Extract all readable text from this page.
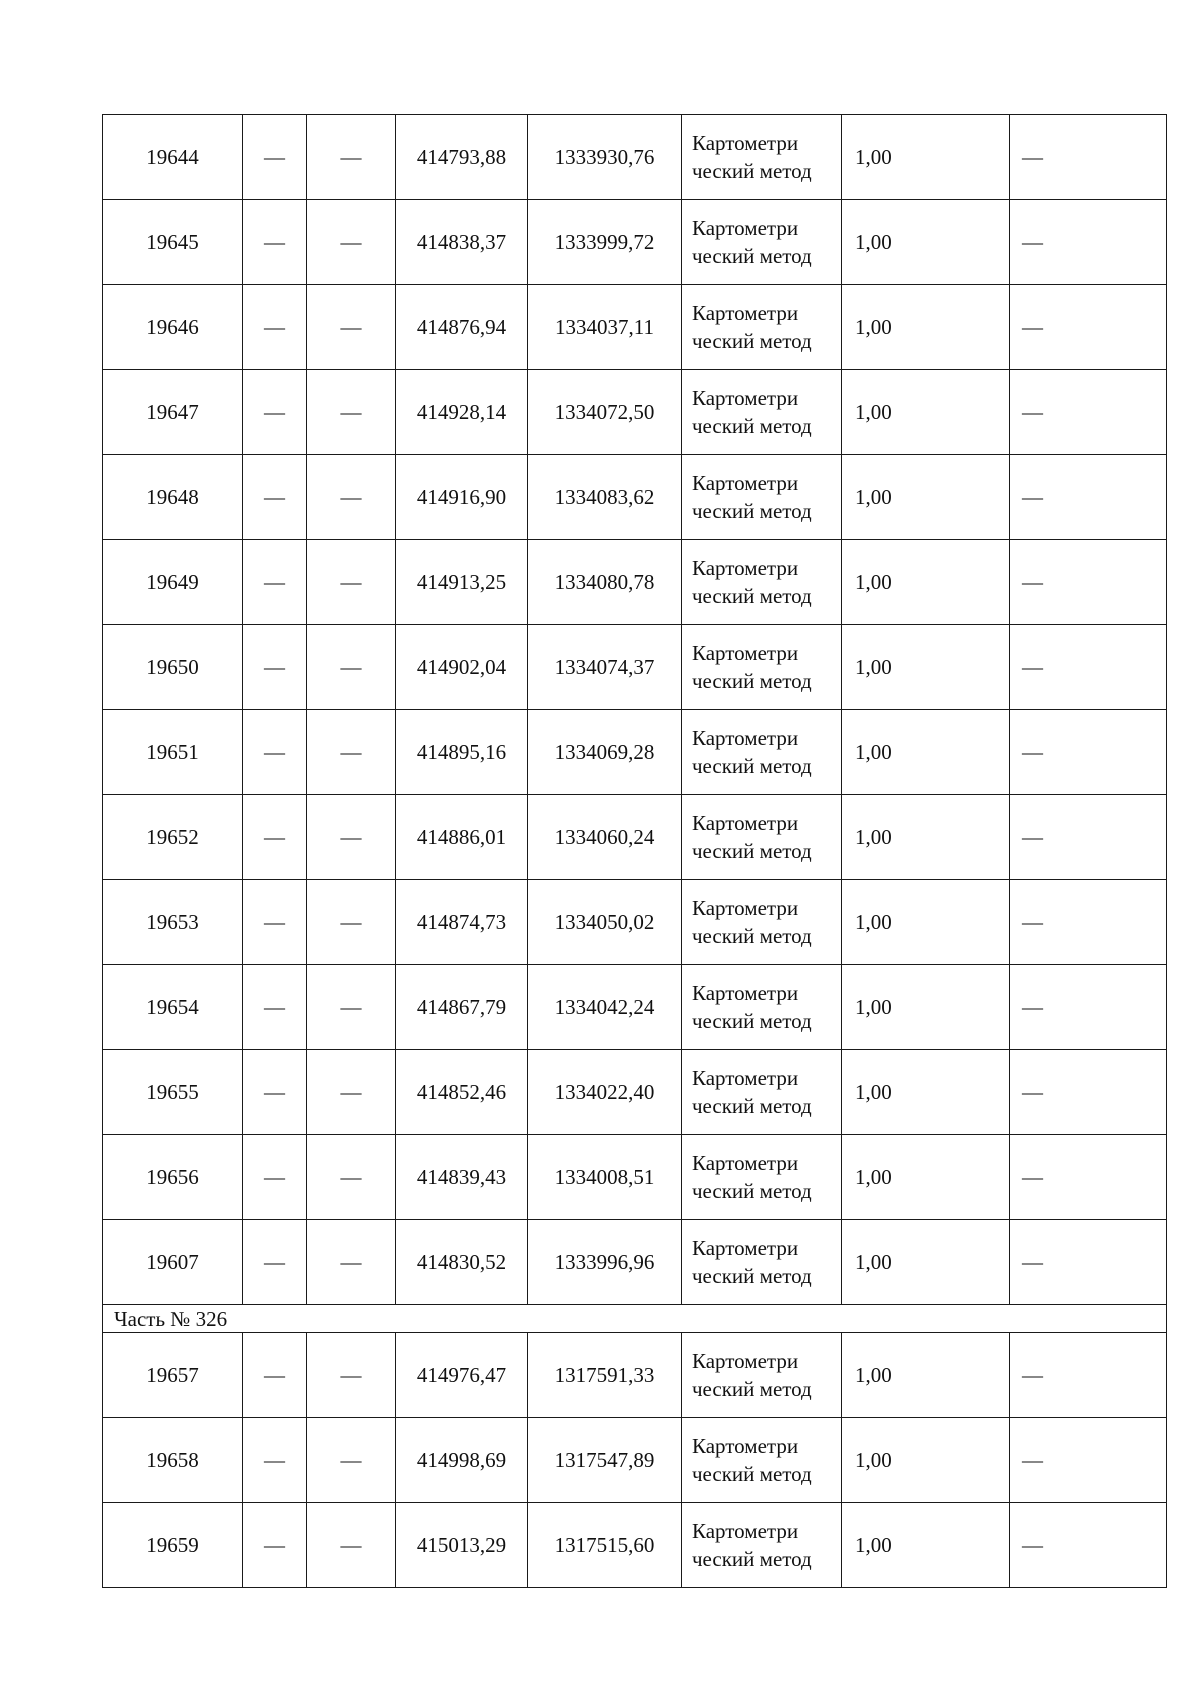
19644	—	—	414793,88	1333930,76	Картометри ческий метод	1,00	—
19645	—	—	414838,37	1333999,72	Картометри ческий метод	1,00	—
19646	—	—	414876,94	1334037,11	Картометри ческий метод	1,00	—
19647	—	—	414928,14	1334072,50	Картометри ческий метод	1,00	—
19648	—	—	414916,90	1334083,62	Картометри ческий метод	1,00	—
19649	—	—	414913,25	1334080,78	Картометри ческий метод	1,00	—
19650	—	—	414902,04	1334074,37	Картометри ческий метод	1,00	—
19651	—	—	414895,16	1334069,28	Картометри ческий метод	1,00	—
19652	—	—	414886,01	1334060,24	Картометри ческий метод	1,00	—
19653	—	—	414874,73	1334050,02	Картометри ческий метод	1,00	—
19654	—	—	414867,79	1334042,24	Картометри ческий метод	1,00	—
19655	—	—	414852,46	1334022,40	Картометри ческий метод	1,00	—
19656	—	—	414839,43	1334008,51	Картометри ческий метод	1,00	—
19607	—	—	414830,52	1333996,96	Картометри ческий метод	1,00	—
Часть № 326							
19657	—	—	414976,47	1317591,33	Картометри ческий метод	1,00	—
19658	—	—	414998,69	1317547,89	Картометри ческий метод	1,00	—
19659	—	—	415013,29	1317515,60	Картометри ческий метод	1,00	—
